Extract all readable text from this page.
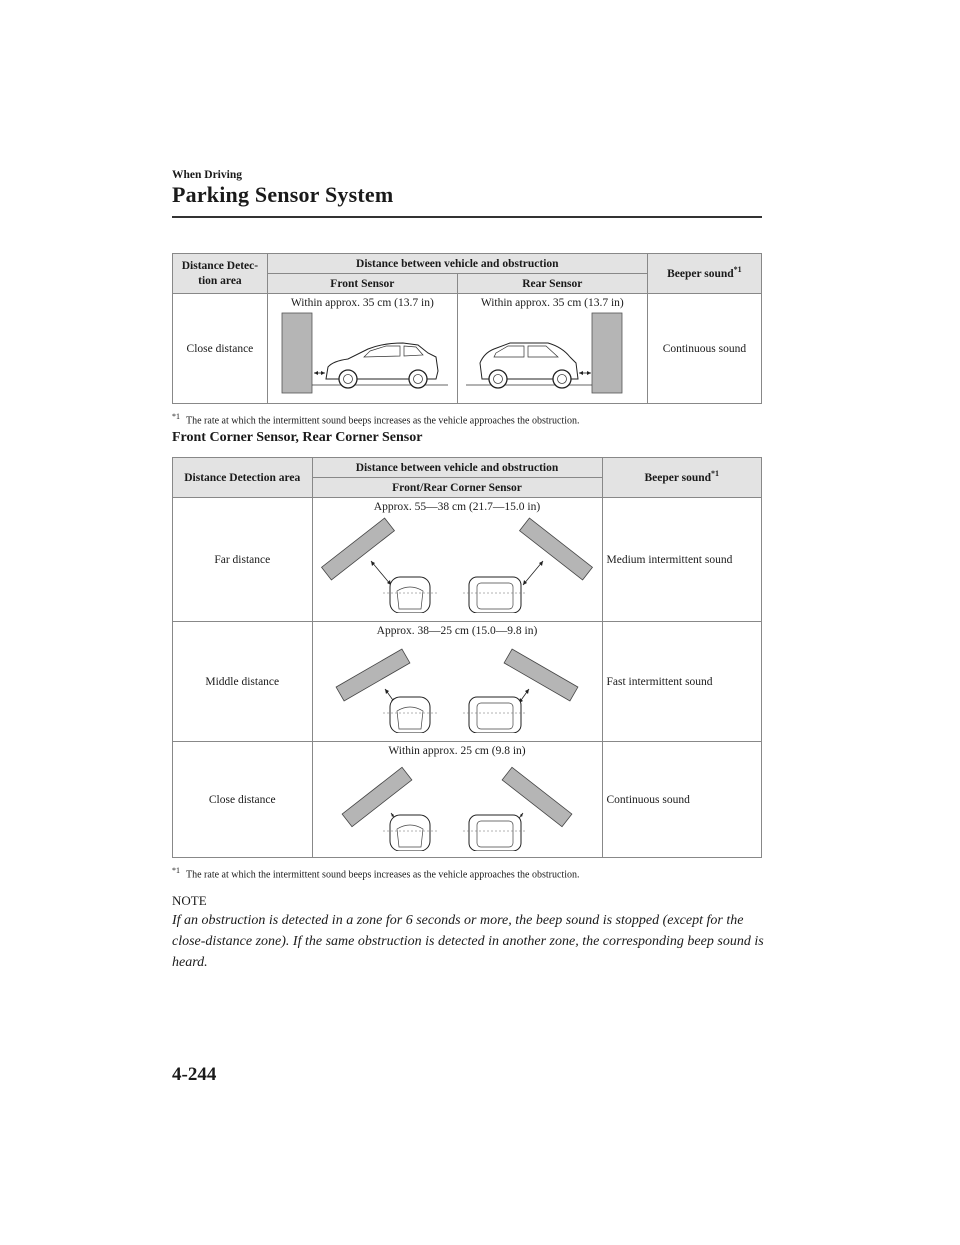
When Driving
Parking Sensor System
Distance Detec-tion area	Distance between vehicle and obstruction		Beeper sound$^{*1}$
	Front Sensor	Rear Sensor	
Close distance	Within approx. 35 cm (13.7 in)	Within approx. 35 cm (13.7 in)	Continuous sound
$^{*1}$ The rate at which the intermittent sound beeps increases as the vehicle approaches the obstruction.
Front Corner Sensor, Rear Corner Sensor
Distance Detection area	Distance between vehicle and obstruction	Beeper sound$^{*1}$
	Front/Rear Corner Sensor	
Far distance	Approx. 55—38 cm (21.7—15.0 in)	Medium intermittent sound
Middle distance	Approx. 38—25 cm (15.0—9.8 in)	Fast intermittent sound
Close distance	Within approx. 25 cm (9.8 in)	Continuous sound
$^{*1}$ The rate at which the intermittent sound beeps increases as the vehicle approaches the obstruction.
NOTE
If an obstruction is detected in a zone for 6 seconds or more, the beep sound is stopped (except for the close-distance zone). If the same obstruction is detected in another zone, the corresponding beep sound is heard.
4-244
